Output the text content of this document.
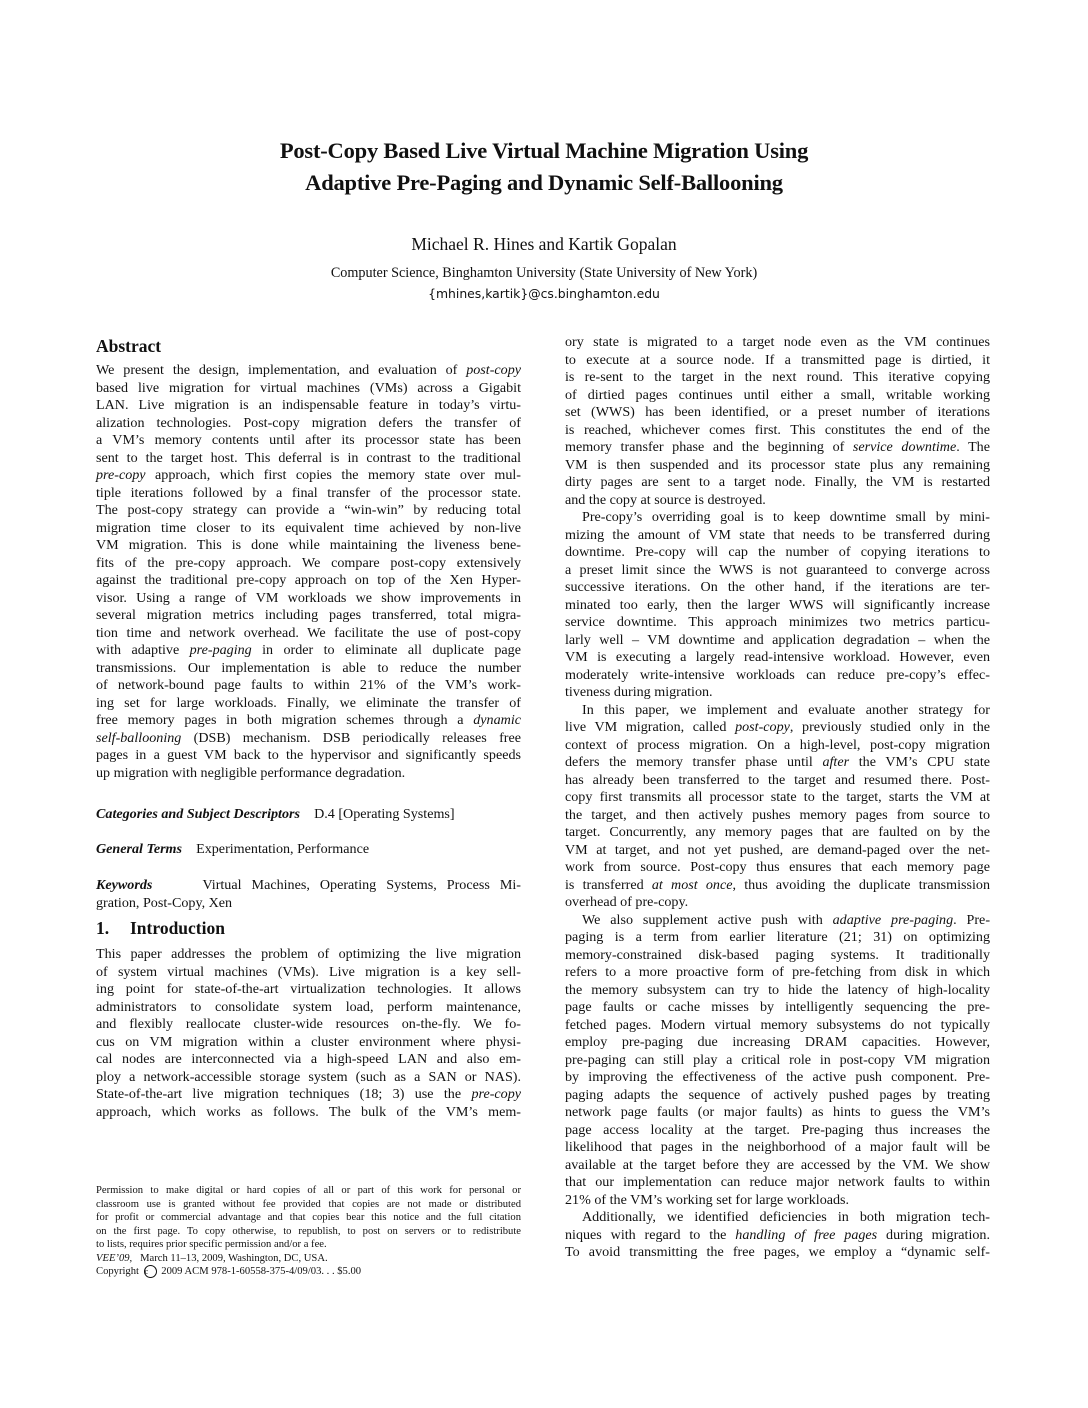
Post-Copy Based Live Virtual Machine Migration Using
Adaptive Pre-Paging and Dynamic Self-Ballooning
Michael R. Hines and Kartik Gopalan
Computer Science, Binghamton University (State University of New York)
{mhines,kartik}@cs.binghamton.edu
Abstract
We present the design, implementation, and evaluation of post-copy
based live migration for virtual machines (VMs) across a Gigabit
LAN. Live migration is an indispensable feature in today’s virtu-
alization technologies. Post-copy migration defers the transfer of
a VM’s memory contents until after its processor state has been
sent to the target host. This deferral is in contrast to the traditional
pre-copy approach, which first copies the memory state over mul-
tiple iterations followed by a final transfer of the processor state.
The post-copy strategy can provide a “win-win” by reducing total
migration time closer to its equivalent time achieved by non-live
VM migration. This is done while maintaining the liveness bene-
fits of the pre-copy approach. We compare post-copy extensively
against the traditional pre-copy approach on top of the Xen Hyper-
visor. Using a range of VM workloads we show improvements in
several migration metrics including pages transferred, total migra-
tion time and network overhead. We facilitate the use of post-copy
with adaptive pre-paging in order to eliminate all duplicate page
transmissions. Our implementation is able to reduce the number
of network-bound page faults to within 21% of the VM’s work-
ing set for large workloads. Finally, we eliminate the transfer of
free memory pages in both migration schemes through a dynamic
self-ballooning (DSB) mechanism. DSB periodically releases free
pages in a guest VM back to the hypervisor and significantly speeds
up migration with negligible performance degradation.
Categories and Subject Descriptors D.4 [Operating Systems]
General Terms Experimentation, Performance
Keywords	Virtual Machines, Operating Systems, Process Mi-
gration, Post-Copy, Xen
1. Introduction
This paper addresses the problem of optimizing the live migration
of system virtual machines (VMs). Live migration is a key sell-
ing point for state-of-the-art virtualization technologies. It allows
administrators to consolidate system load, perform maintenance,
and flexibly reallocate cluster-wide resources on-the-fly. We fo-
cus on VM migration within a cluster environment where physi-
cal nodes are interconnected via a high-speed LAN and also em-
ploy a network-accessible storage system (such as a SAN or NAS).
State-of-the-art live migration techniques (18; 3) use the pre-copy
approach, which works as follows. The bulk of the VM’s mem-
Permission to make digital or hard copies of all or part of this work for personal or
classroom use is granted without fee provided that copies are not made or distributed
for profit or commercial advantage and that copies bear this notice and the full citation
on the first page. To copy otherwise, to republish, to post on servers or to redistribute
to lists, requires prior specific permission and/or a fee.
VEE’09, March 11–13, 2009, Washington, DC, USA.
Copyright c 2009 ACM 978-1-60558-375-4/09/03. . . $5.00
ory state is migrated to a target node even as the VM continues
to execute at a source node. If a transmitted page is dirtied, it
is re-sent to the target in the next round. This iterative copying
of dirtied pages continues until either a small, writable working
set (WWS) has been identified, or a preset number of iterations
is reached, whichever comes first. This constitutes the end of the
memory transfer phase and the beginning of service downtime. The
VM is then suspended and its processor state plus any remaining
dirty pages are sent to a target node. Finally, the VM is restarted
and the copy at source is destroyed.
Pre-copy’s overriding goal is to keep downtime small by mini-
mizing the amount of VM state that needs to be transferred during
downtime. Pre-copy will cap the number of copying iterations to
a preset limit since the WWS is not guaranteed to converge across
successive iterations. On the other hand, if the iterations are ter-
minated too early, then the larger WWS will significantly increase
service downtime. This approach minimizes two metrics particu-
larly well – VM downtime and application degradation – when the
VM is executing a largely read-intensive workload. However, even
moderately write-intensive workloads can reduce pre-copy’s effec-
tiveness during migration.
In this paper, we implement and evaluate another strategy for
live VM migration, called post-copy, previously studied only in the
context of process migration. On a high-level, post-copy migration
defers the memory transfer phase until after the VM’s CPU state
has already been transferred to the target and resumed there. Post-
copy first transmits all processor state to the target, starts the VM at
the target, and then actively pushes memory pages from source to
target. Concurrently, any memory pages that are faulted on by the
VM at target, and not yet pushed, are demand-paged over the net-
work from source. Post-copy thus ensures that each memory page
is transferred at most once, thus avoiding the duplicate transmission
overhead of pre-copy.
We also supplement active push with adaptive pre-paging. Pre-
paging is a term from earlier literature (21; 31) on optimizing
memory-constrained disk-based paging systems. It traditionally
refers to a more proactive form of pre-fetching from disk in which
the memory subsystem can try to hide the latency of high-locality
page faults or cache misses by intelligently sequencing the pre-
fetched pages. Modern virtual memory subsystems do not typically
employ pre-paging due increasing DRAM capacities. However,
pre-paging can still play a critical role in post-copy VM migration
by improving the effectiveness of the active push component. Pre-
paging adapts the sequence of actively pushed pages by treating
network page faults (or major faults) as hints to guess the VM’s
page access locality at the target. Pre-paging thus increases the
likelihood that pages in the neighborhood of a major fault will be
available at the target before they are accessed by the VM. We show
that our implementation can reduce major network faults to within
21% of the VM’s working set for large workloads.
Additionally, we identified deficiencies in both migration tech-
niques with regard to the handling of free pages during migration.
To avoid transmitting the free pages, we employ a “dynamic self-
